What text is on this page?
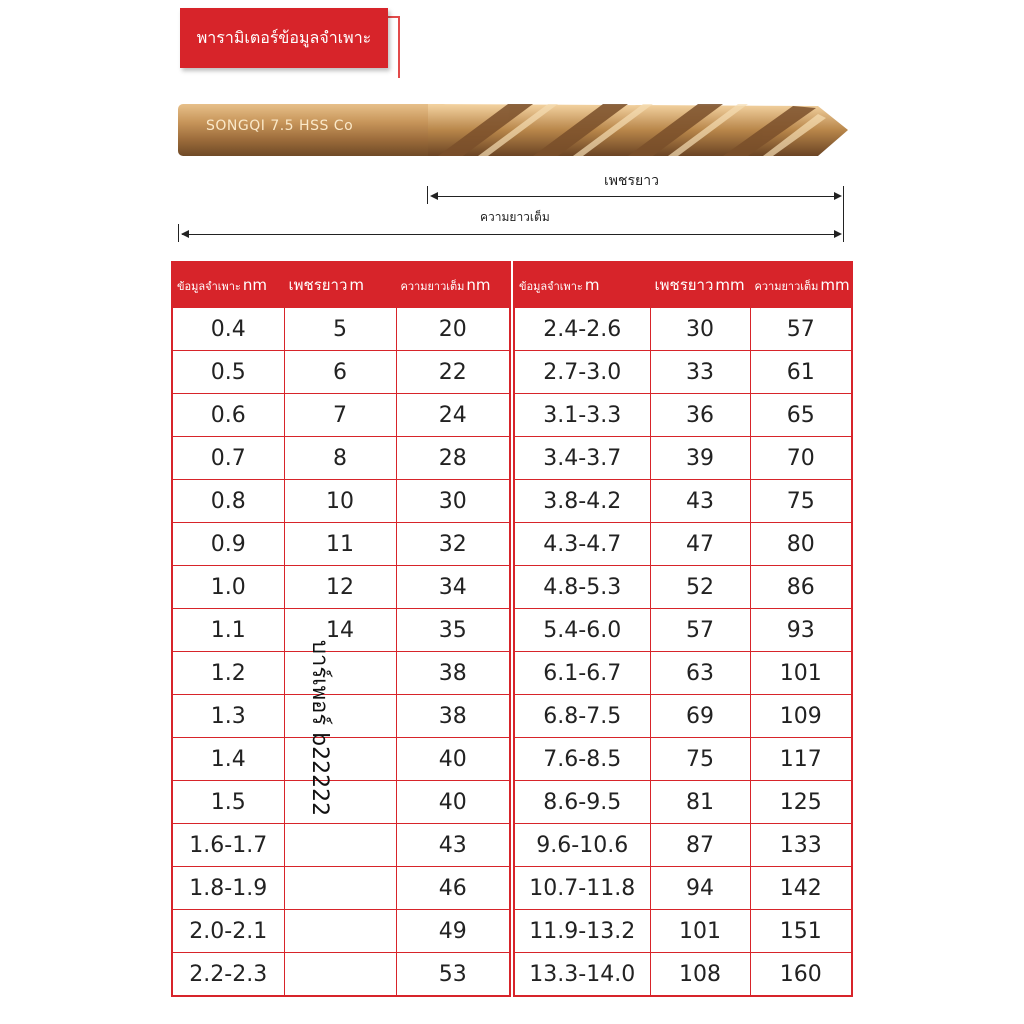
พารามิเตอร์ข้อมูลจำเพาะ
SONGQI 7.5 HSS Co
เพชรยาว
ความยาวเต็ม
ข้อมูลจำเพาะ nm	เพชรยาว m	ความยาวเต็ม nm
0.4	5	20
0.5	6	22
0.6	7	24
0.7	8	28
0.8	10	30
0.9	11	32
1.0	12	34
1.1	14	35
1.2		38
1.3		38
1.4		40
1.5		40
1.6-1.7		43
1.8-1.9		46
2.0-2.1		49
2.2-2.3		53
ข้อมูลจำเพาะ m	เพชรยาว mm	ความยาวเต็ม mm
2.4-2.6	30	57
2.7-3.0	33	61
3.1-3.3	36	65
3.4-3.7	39	70
3.8-4.2	43	75
4.3-4.7	47	80
4.8-5.3	52	86
5.4-6.0	57	93
6.1-6.7	63	101
6.8-7.5	69	109
7.6-8.5	75	117
8.6-9.5	81	125
9.6-10.6	87	133
10.7-11.8	94	142
11.9-13.2	101	151
13.3-14.0	108	160
บาร์เพอร์ b22222
